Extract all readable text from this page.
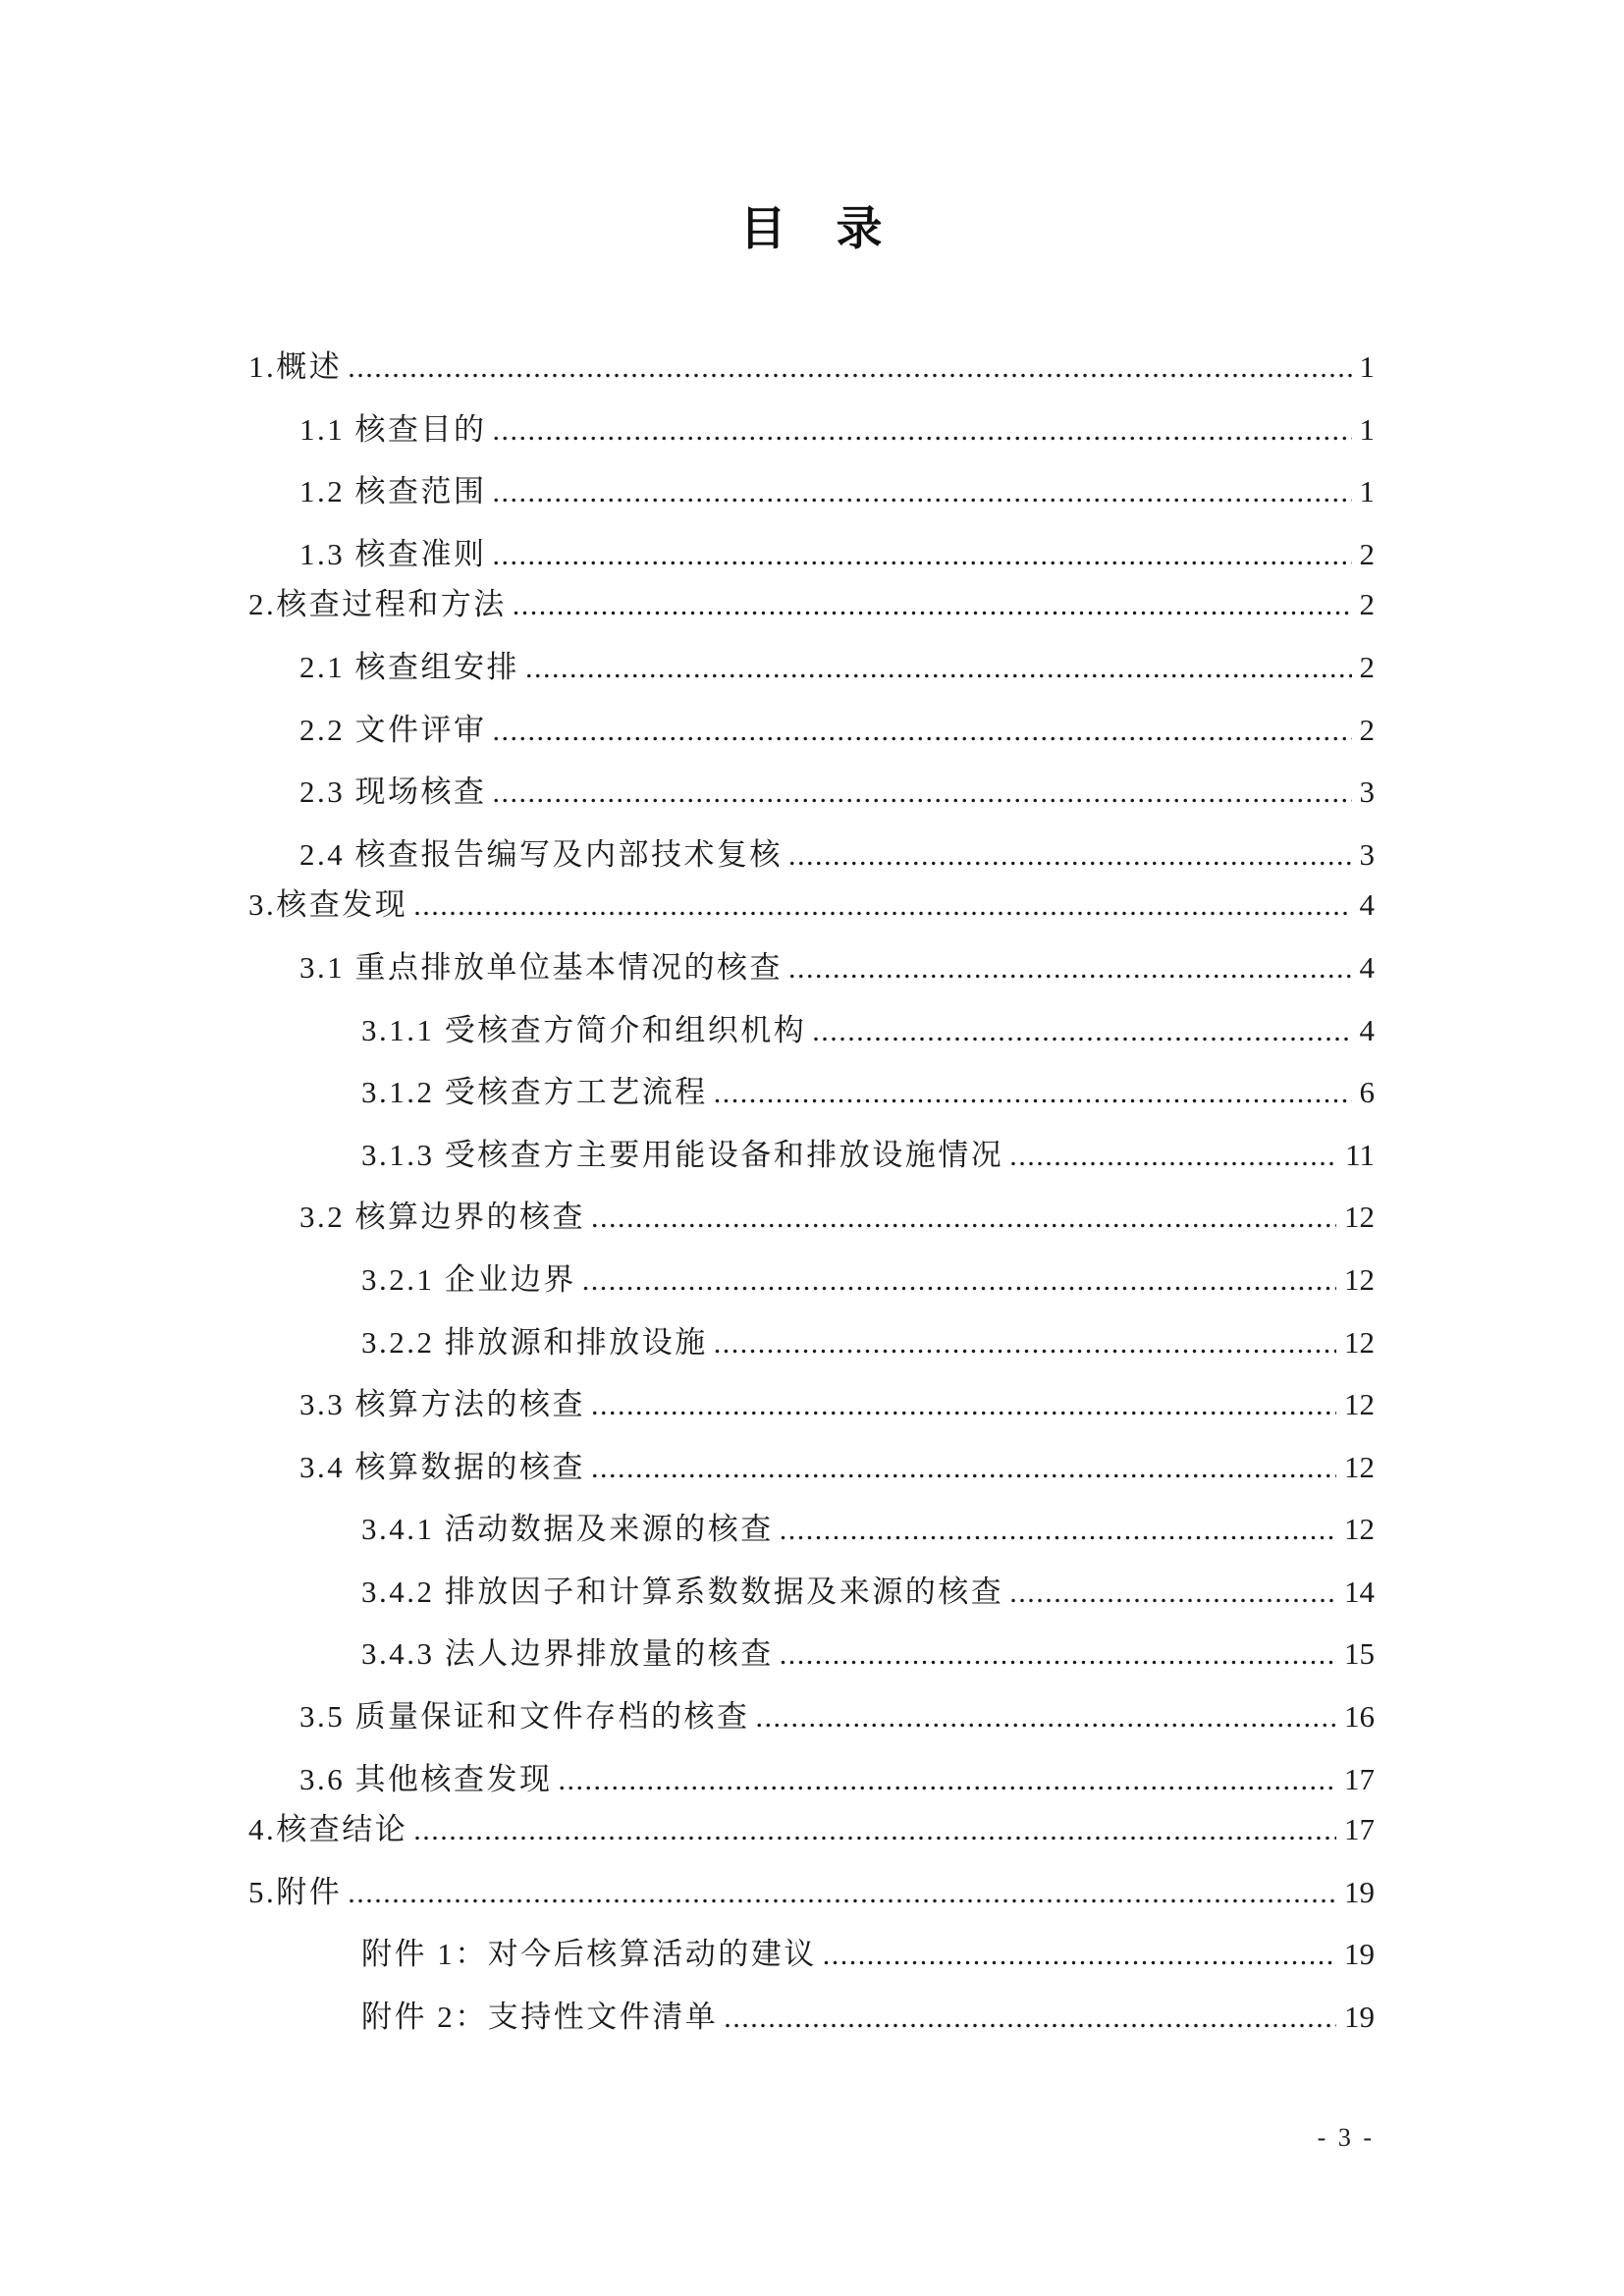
目　录
1.概述 .....	1
1.1 核查目的 .....	1
1.2 核查范围 .....	1
1.3 核查准则 .....	2
2.核查过程和方法 .....	2
2.1 核查组安排 .....	2
2.2 文件评审 .....	2
2.3 现场核查 .....	3
2.4 核查报告编写及内部技术复核 .....	3
3.核查发现 .....	4
3.1 重点排放单位基本情况的核查 .....	4
3.1.1 受核查方简介和组织机构 .....	4
3.1.2 受核查方工艺流程 .....	6
3.1.3 受核查方主要用能设备和排放设施情况 .....	11
3.2 核算边界的核查 .....	12
3.2.1 企业边界 .....	12
3.2.2 排放源和排放设施 .....	12
3.3 核算方法的核查 .....	12
3.4 核算数据的核查 .....	12
3.4.1 活动数据及来源的核查 .....	12
3.4.2 排放因子和计算系数数据及来源的核查 .....	14
3.4.3 法人边界排放量的核查 .....	15
3.5 质量保证和文件存档的核查 .....	16
3.6 其他核查发现 .....	17
4.核查结论 .....	17
5.附件 .....	19
附件 1：对今后核算活动的建议 .....	19
附件 2：支持性文件清单 .....	19
- 3 -
